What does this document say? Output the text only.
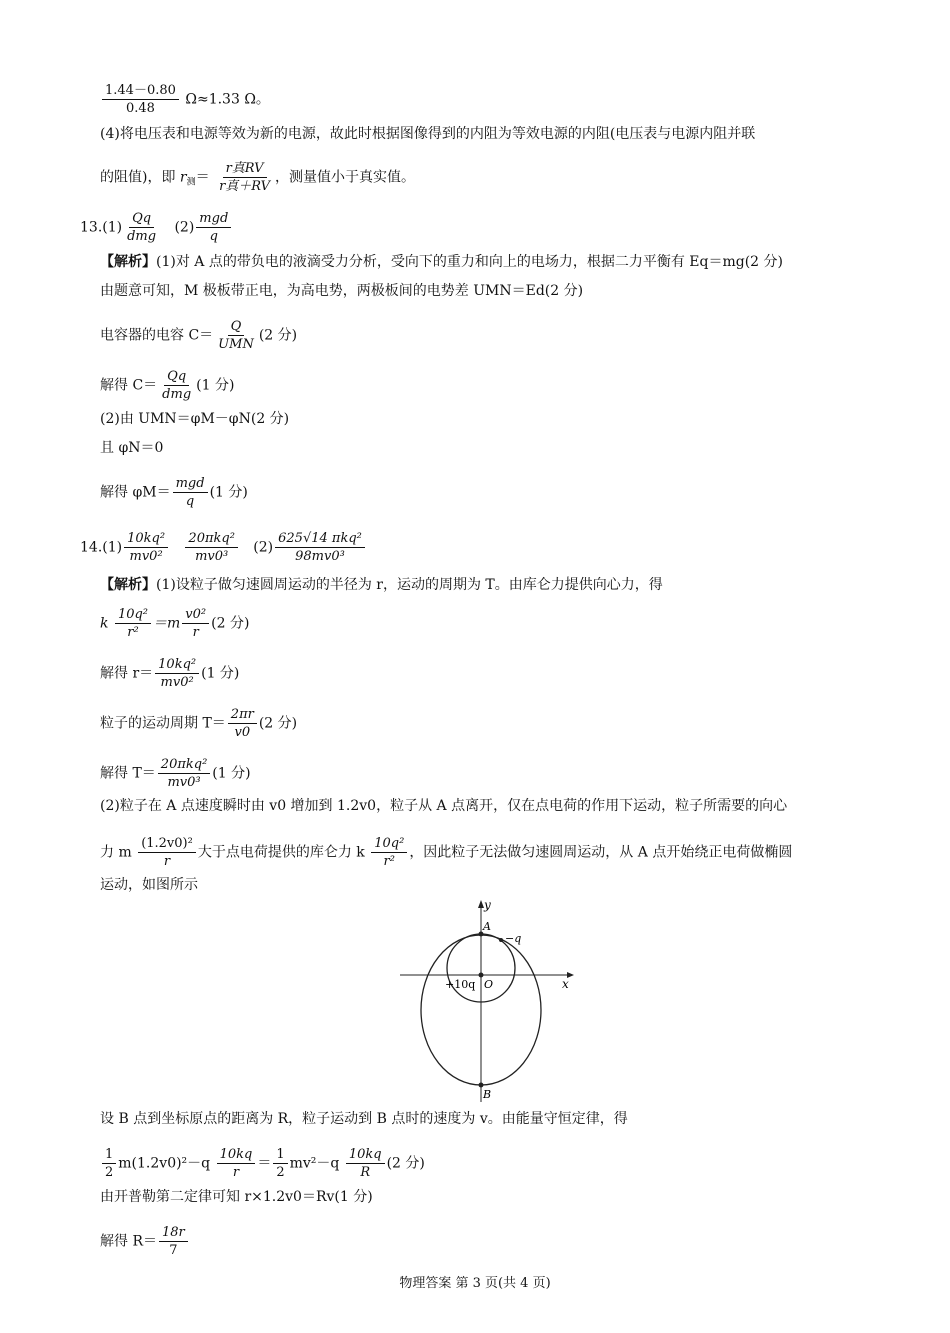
$\frac{1.44-0.80}{0.48} \Omega\approx 1.33$ Ω。
(4)将电压表和电源等效为新的电源，故此时根据图像得到的内阻为等效电源的内阻(电压表与电源内阻并联
的阻值)，即 $r_测= \frac{\text{r真RV}}{\text{r真＋RV}}$ ，测量值小于真实值。
$13.(1) \frac{Qq}{\text{dmg}} (2) \frac{\text{mgd}}{q}$
【解析】(1)对 A 点的带负电的液滴受力分析，受向下的重力和向上的电场力，根据二力平衡有 Eq＝mg(2 分)
由题意可知，M 极板带正电，为高电势，两极板间的电势差 UMN＝Ed(2 分)
电容器的电容 $C= \frac{Q}{\text{UMN}} (2$ 分)
解得 $C= \frac{Qq}{\text{dmg}} (1$ 分)
(2)由 UMN＝φM－φN(2 分)
且 φN＝0
解得 $\varphi M= \frac{\text{mgd}}{q} (1$ 分)
$14.(1) \frac{\text{10kq²}}{\text{mv0²}}$
$\frac{\text{20πkq²}}{\text{mv0³}} (2) \frac{\text{625√14 πkq²}}{\text{98mv0³}}$
【解析】(1)设粒子做匀速圆周运动的半径为 r，运动的周期为 T。由库仑力提供向心力，得
k $\frac{\text{10q²}}{\text{r²}} =m \frac{\text{v0²}}{r} (2$ 分)
解得 $r= \frac{\text{10kq²}}{\text{mv0²}} (1$ 分)
粒子的运动周期 $T= \frac{2\pi r}{v0} (2$ 分)
解得 $T= \frac{\text{20πkq²}}{\text{mv0³}} (1$ 分)
(2)粒子在 A 点速度瞬时由 v0 增加到 1.2v0，粒子从 A 点离开，仅在点电荷的作用下运动，粒子所需要的向心
力 m $\frac{\text{(1.2v0)²}}{r}$ 大于点电荷提供的库仑力 k $\frac{\text{10q²}}{\text{r²}}$ ，因此粒子无法做匀速圆周运动，从 A 点开始绕正电荷做椭圆
运动，如图所示
y
x
A
−q
+10q O
B
设 B 点到坐标原点的距离为 R，粒子运动到 B 点时的速度为 v。由能量守恒定律，得
$\frac{1}{2} m(1.2v0)^2-q \frac{10kq}{r} = \frac{1}{2} mv^2-q \frac{10kq}{R} (2$ 分)
由开普勒第二定律可知 r×1.2v0＝Rv(1 分)
解得 $R= \frac{18r}{7}$
物理答案 第 3 页(共 4 页)
